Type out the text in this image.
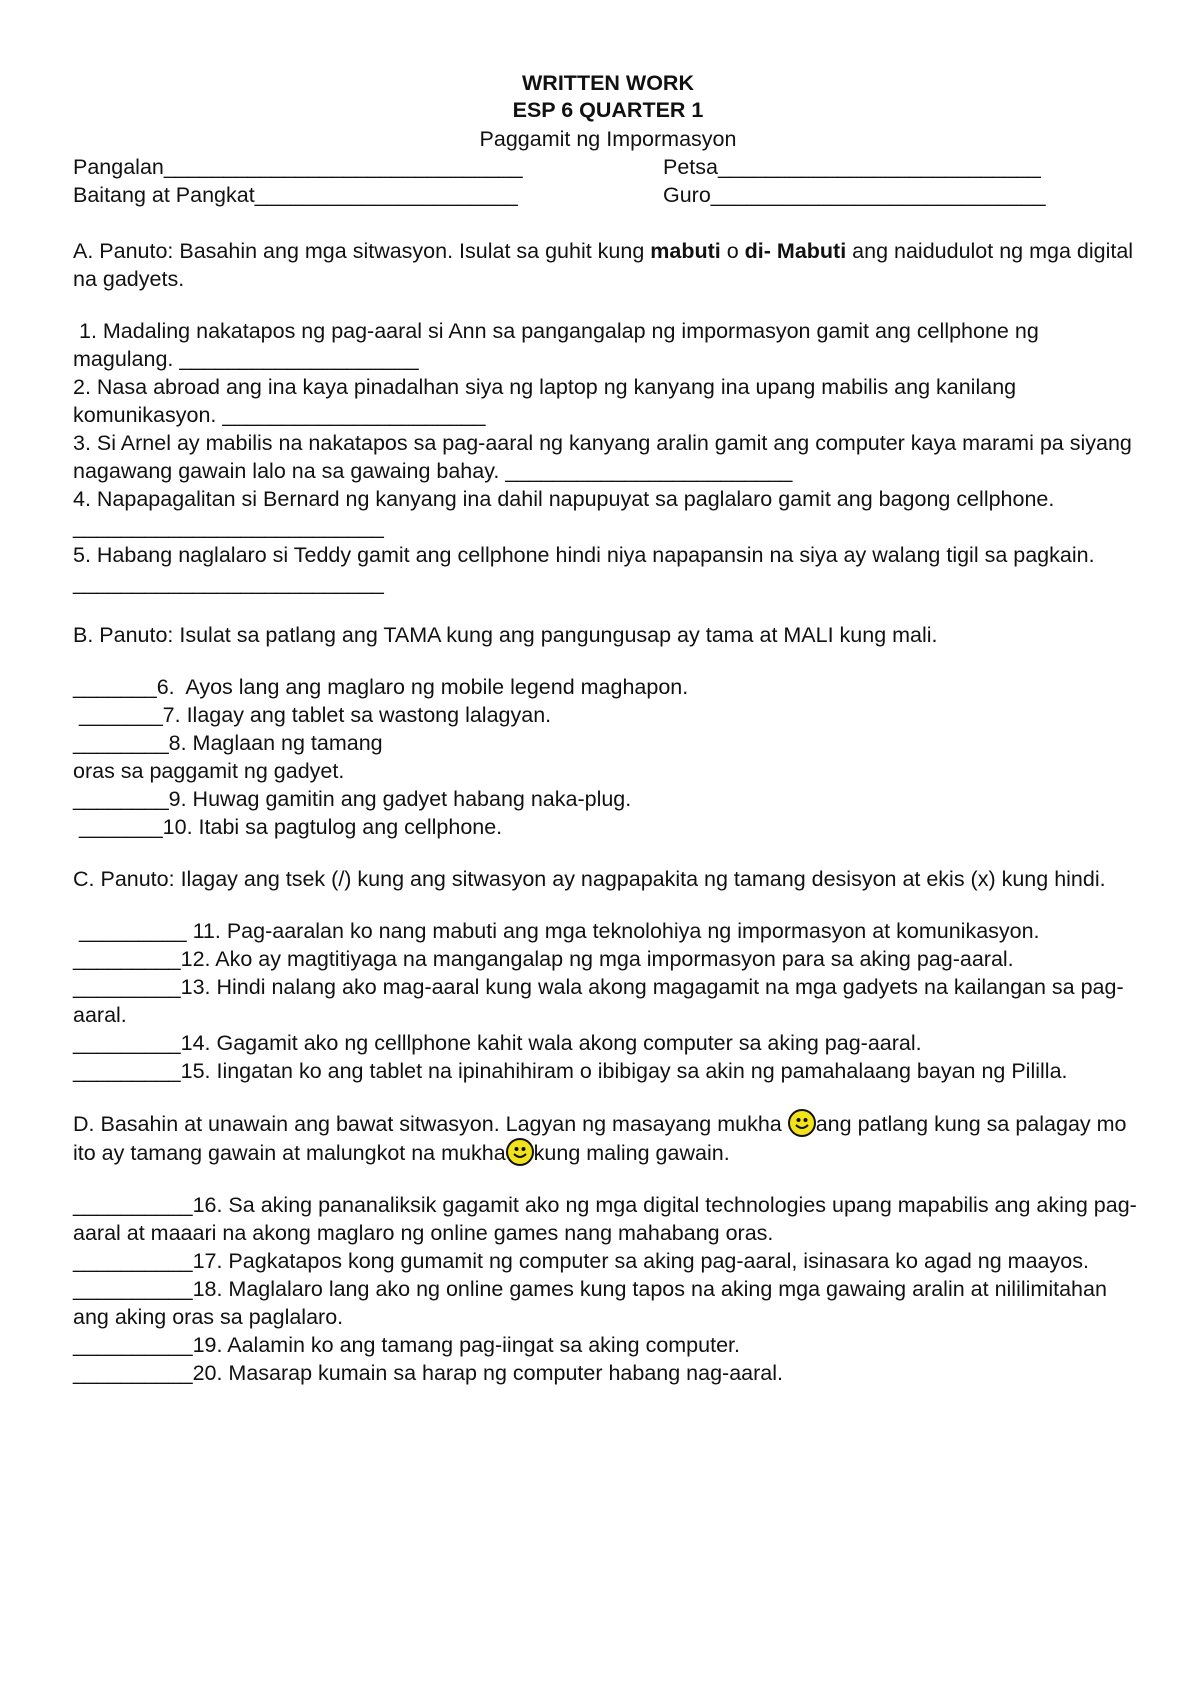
WRITTEN WORK

ESP 6 QUARTER 1

Paggamit ng Impormasyon

Pangalan______________________________	Petsa___________________________
Baitang at Pangkat______________________	Guro____________________________

A. Panuto: Basahin ang mga sitwasyon. Isulat sa guhit kung mabuti o di- Mabuti ang naidudulot ng mga digital na gadyets.

1. Madaling nakatapos ng pag-aaral si Ann sa pangangalap ng impormasyon gamit ang cellphone ng magulang. ____________________

2. Nasa abroad ang ina kaya pinadalhan siya ng laptop ng kanyang ina upang mabilis ang kanilang komunikasyon. ______________________

3. Si Arnel ay mabilis na nakatapos sa pag-aaral ng kanyang aralin gamit ang computer kaya marami pa siyang nagawang gawain lalo na sa gawaing bahay. ________________________

4. Napapagalitan si Bernard ng kanyang ina dahil napupuyat sa paglalaro gamit ang bagong cellphone. __________________________

5. Habang naglalaro si Teddy gamit ang cellphone hindi niya napapansin na siya ay walang tigil sa pagkain. __________________________

B. Panuto: Isulat sa patlang ang TAMA kung ang pangungusap ay tama at MALI kung mali.

_______6.  Ayos lang ang maglaro ng mobile legend maghapon.

_______7. Ilagay ang tablet sa wastong lalagyan.

________8. Maglaan ng tamang

oras sa paggamit ng gadyet.

________9. Huwag gamitin ang gadyet habang naka-plug.

_______10. Itabi sa pagtulog ang cellphone.

C. Panuto: Ilagay ang tsek (/) kung ang sitwasyon ay nagpapakita ng tamang desisyon at ekis (x) kung hindi.

_________ 11. Pag-aaralan ko nang mabuti ang mga teknolohiya ng impormasyon at komunikasyon.

_________12. Ako ay magtitiyaga na mangangalap ng mga impormasyon para sa aking pag-aaral.

_________13. Hindi nalang ako mag-aaral kung wala akong magagamit na mga gadyets na kailangan sa pag-aaral.

_________14. Gagamit ako ng celllphone kahit wala akong computer sa aking pag-aaral.

_________15. Iingatan ko ang tablet na ipinahihiram o ibibigay sa akin ng pamahalaang bayan ng Pililla.

D. Basahin at unawain ang bawat sitwasyon. Lagyan ng masayang mukha
ang patlang kung sa palagay mo ito ay tamang gawain at malungkot na mukha kung maling gawain.

__________16. Sa aking pananaliksik gagamit ako ng mga digital technologies upang mapabilis ang aking pag-aaral at maaari na akong maglaro ng online games nang mahabang oras.

__________17. Pagkatapos kong gumamit ng computer sa aking pag-aaral, isinasara ko agad ng maayos.

__________18. Maglalaro lang ako ng online games kung tapos na aking mga gawaing aralin at nililimitahan ang aking oras sa paglalaro.

__________19. Aalamin ko ang tamang pag-iingat sa aking computer.

__________20. Masarap kumain sa harap ng computer habang nag-aaral.
